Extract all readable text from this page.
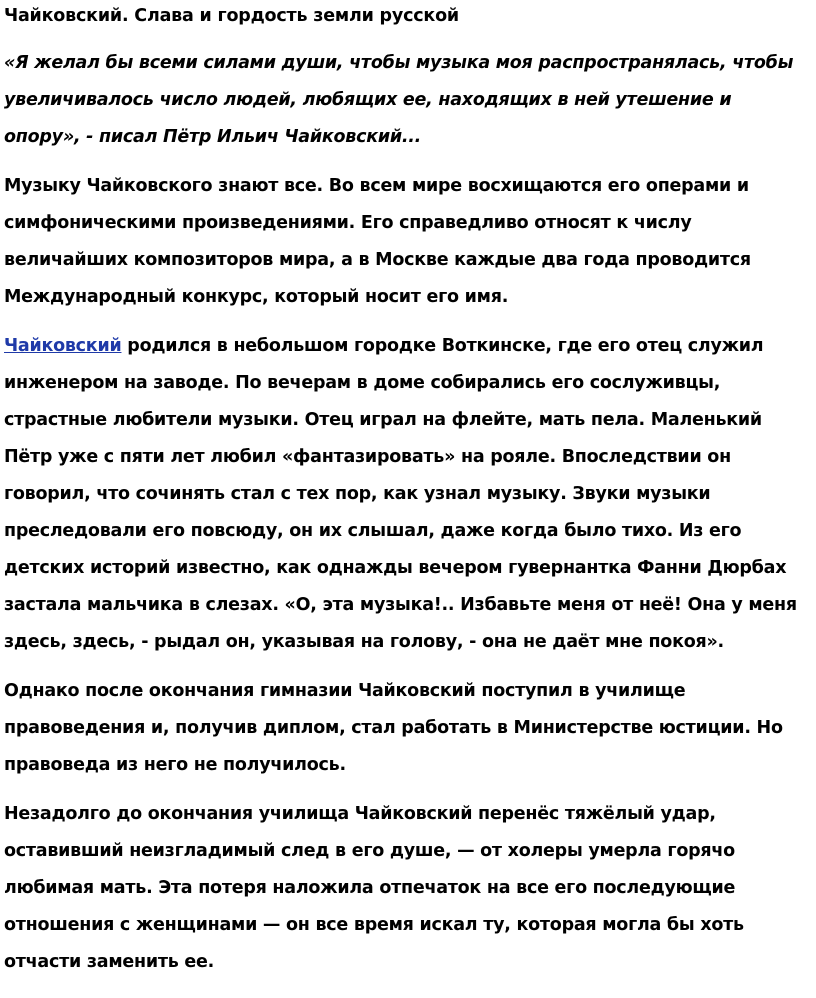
Чайковский. Слава и гордость земли русской

«Я желал бы всеми силами души, чтобы музыка моя распространялась, чтобы увеличивалось число людей, любящих ее, находящих в ней утешение и опору», - писал Пётр Ильич Чайковский...

Музыку Чайковского знают все. Во всем мире восхищаются его операми и симфоническими произведениями. Его справедливо относят к числу величайших композиторов мира, а в Москве каждые два года проводится Международный конкурс, который носит его имя.

Чайковский родился в небольшом городке Воткинске, где его отец служил инженером на заводе. По вечерам в доме собирались его сослуживцы, страстные любители музыки. Отец играл на флейте, мать пела. Маленький Пётр уже с пяти лет любил «фантазировать» на рояле. Впоследствии он говорил, что сочинять стал с тех пор, как узнал музыку. Звуки музыки преследовали его повсюду, он их слышал, даже когда было тихо. Из его детских историй известно, как однажды вечером гувернантка Фанни Дюрбах застала мальчика в слезах. «О, эта музыка!.. Избавьте меня от неё! Она у меня здесь, здесь, - рыдал он, указывая на голову, - она не даёт мне покоя».

Однако после окончания гимназии Чайковский поступил в училище правоведения и, получив диплом, стал работать в Министерстве юстиции. Но правоведа из него не получилось.

Незадолго до окончания училища Чайковский перенёс тяжёлый удар, оставивший неизгладимый след в его душе, — от холеры умерла горячо любимая мать. Эта потеря наложила отпечаток на все его последующие отношения с женщинами — он все время искал ту, которая могла бы хоть отчасти заменить ее.
